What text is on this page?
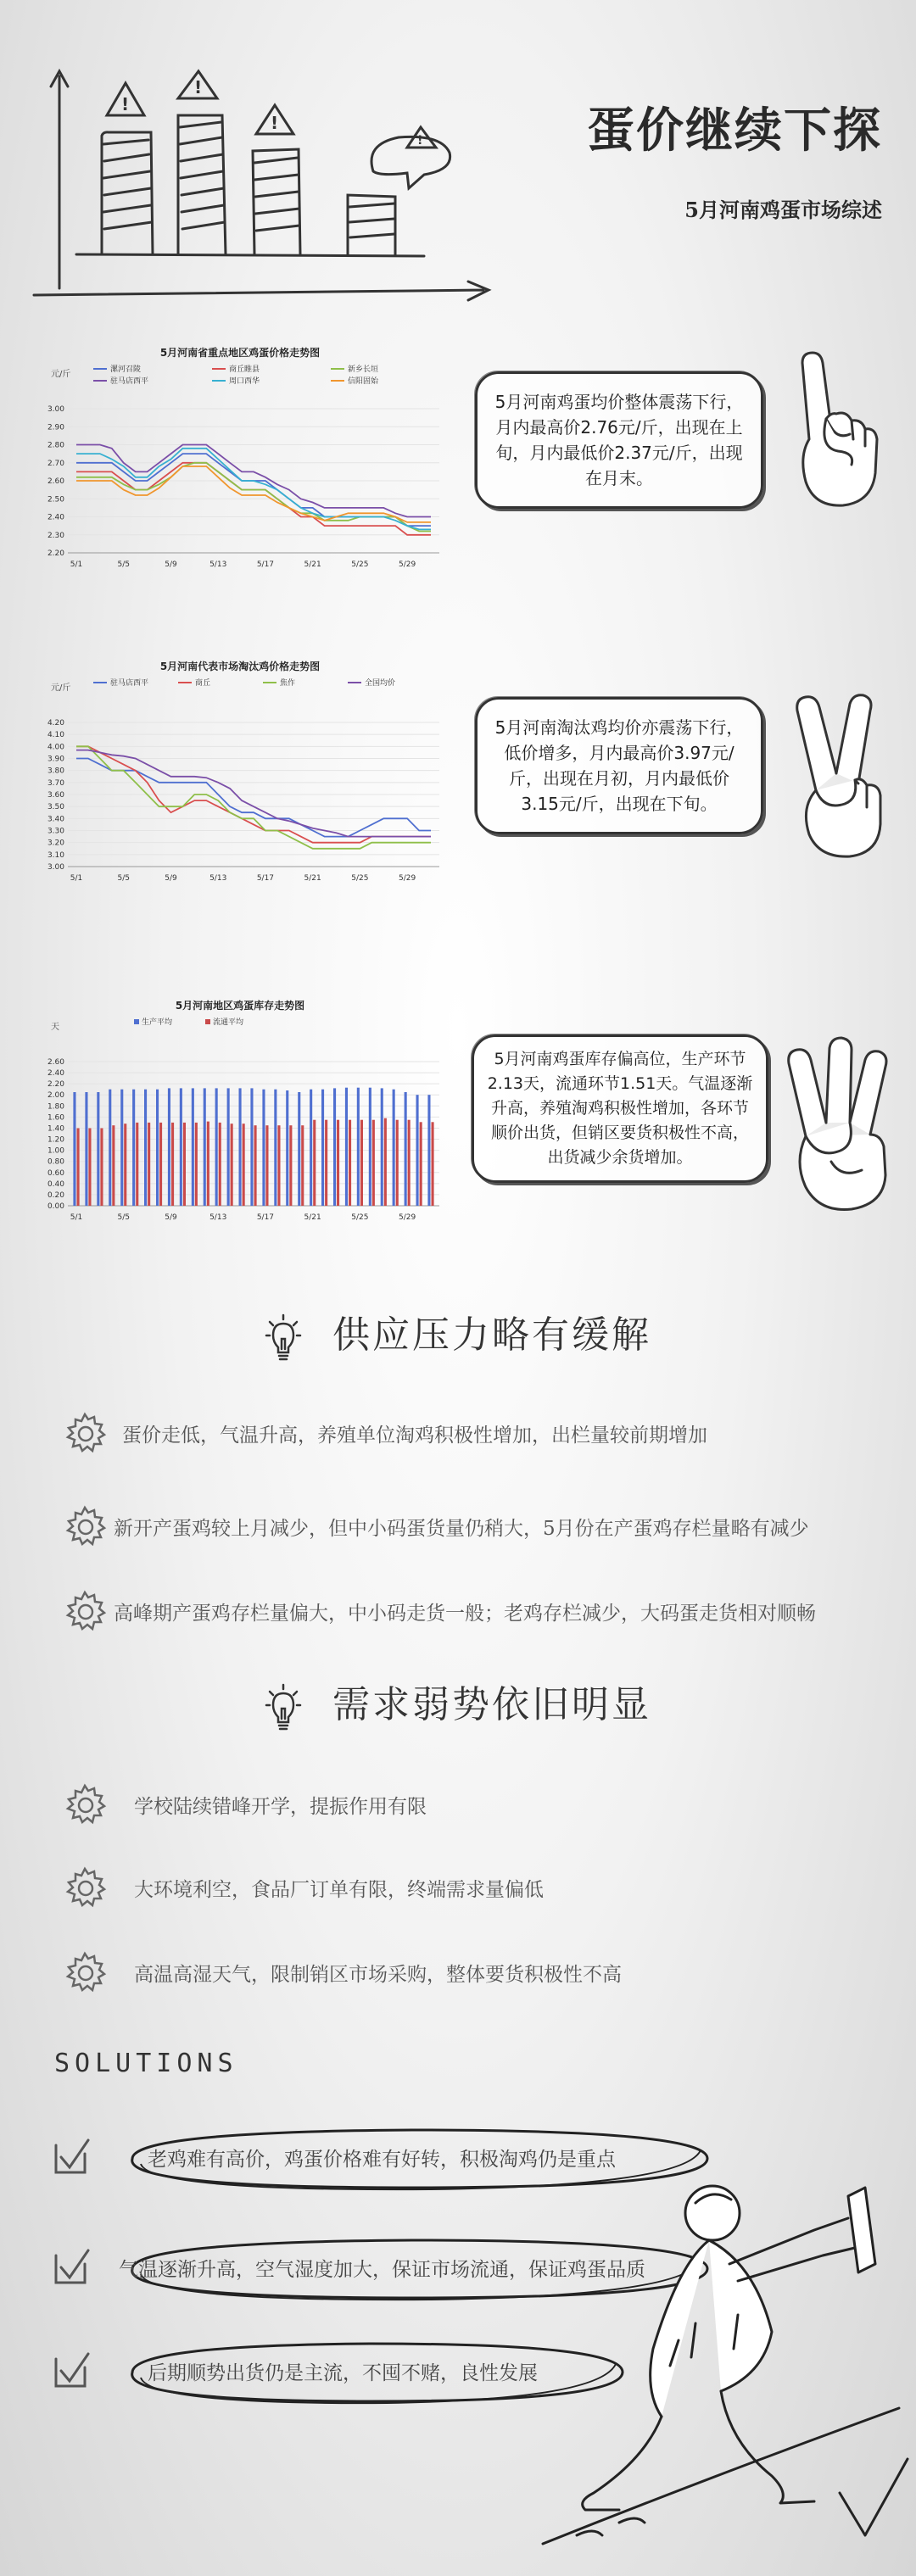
!
!
!
!	蛋价继续下探
5月河南鸡蛋市场综述
5月河南省重点地区鸡蛋价格走势图
元/斤	漯河召陵	商丘睢县	新乡长垣
驻马店西平	周口西华	信阳固始
3.00
2.90
2.80
2.70
2.60
2.50
2.40
2.30
2.20
5/1	5/5	5/9	5/13	5/17	5/21	5/25	5/29
5月河南代表市场淘汰鸡价格走势图
元/斤	驻马店西平	商丘	焦作	全国均价
4.20
4.10
4.00
3.90
3.80
3.70
3.60
3.50
3.40
3.30
3.20
3.10
3.00
5/1	5/5	5/9	5/13	5/17	5/21	5/25	5/29
5月河南地区鸡蛋库存走势图
天	生产平均	流通平均
2.60
2.40
2.20
2.00
1.80
1.60
1.40
1.20
1.00
0.80
0.60
0.40
0.20
0.00
5/1	5/5	5/9	5/13	5/17	5/21	5/25	5/29
5月河南鸡蛋均价整体震荡下行，月内最高价2.76元/斤，出现在上旬，月内最低价2.37元/斤，出现在月末。
5月河南淘汰鸡均价亦震荡下行，低价增多，月内最高价3.97元/斤，出现在月初，月内最低价3.15元/斤，出现在下旬。
5月河南鸡蛋库存偏高位，生产环节2.13天，流通环节1.51天。气温逐渐升高，养殖淘鸡积极性增加，各环节顺价出货，但销区要货积极性不高，出货减少余货增加。
供应压力略有缓解
蛋价走低，气温升高，养殖单位淘鸡积极性增加，出栏量较前期增加
新开产蛋鸡较上月减少，但中小码蛋货量仍稍大，5月份在产蛋鸡存栏量略有减少
高峰期产蛋鸡存栏量偏大，中小码走货一般；老鸡存栏减少，大码蛋走货相对顺畅
需求弱势依旧明显
学校陆续错峰开学，提振作用有限
大环境利空，食品厂订单有限，终端需求量偏低
高温高湿天气，限制销区市场采购，整体要货积极性不高
SOLUTIONS
老鸡难有高价，鸡蛋价格难有好转，积极淘鸡仍是重点
气温逐渐升高，空气湿度加大，保证市场流通，保证鸡蛋品质
后期顺势出货仍是主流，不囤不赌，良性发展
